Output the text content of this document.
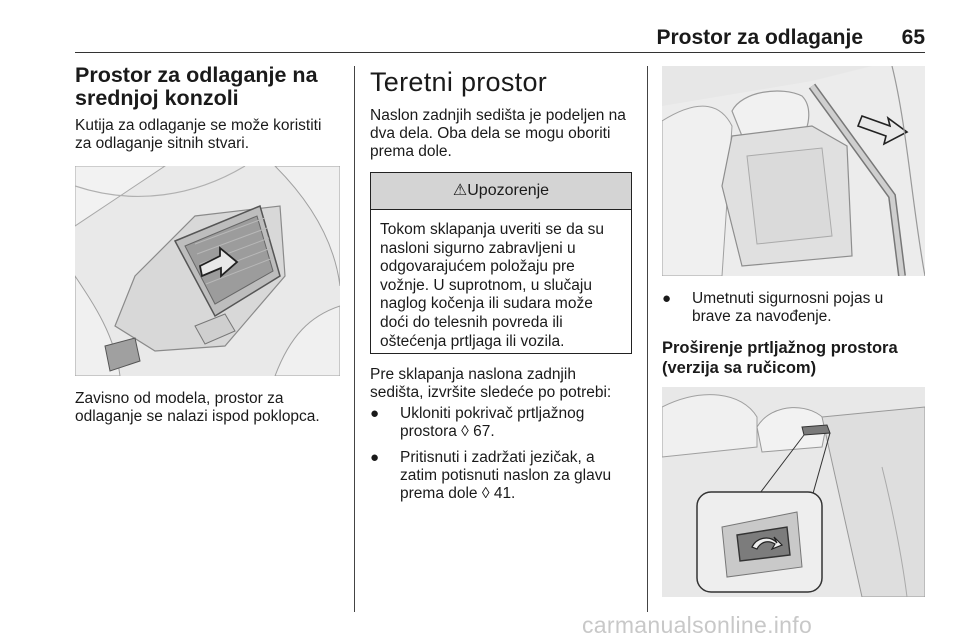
Prostor za odlaganje 65
Prostor za odlaganje na
srednjoj konzoli

Kutija za odlaganje se može koristiti
za odlaganje sitnih stvari.

Zavisno od modela, prostor za
odlaganje se nalazi ispod poklopca.

Teretni prostor

Naslon zadnjih sedišta je podeljen na
dva dela. Oba dela se mogu oboriti
prema dole.

⚠Upozorenje
Tokom sklapanja uveriti se da su
nasloni sigurno zabravljeni u
odgovarajućem položaju pre
vožnje. U suprotnom, u slučaju
naglog kočenja ili sudara može
doći do telesnih povreda ili
oštećenja prtljaga ili vozila.

Pre sklapanja naslona zadnjih
sedišta, izvršite sledeće po potrebi:

● Ukloniti pokrivač prtljažnog
prostora ◊ 67.
● Pritisnuti i zadržati jezičak, a
zatim potisnuti naslon za glavu
prema dole ◊ 41.
● Umetnuti sigurnosni pojas u
brave za navođenje.
Proširenje prtljažnog prostora
(verzija sa ručicom)
carmanualsonline.info
